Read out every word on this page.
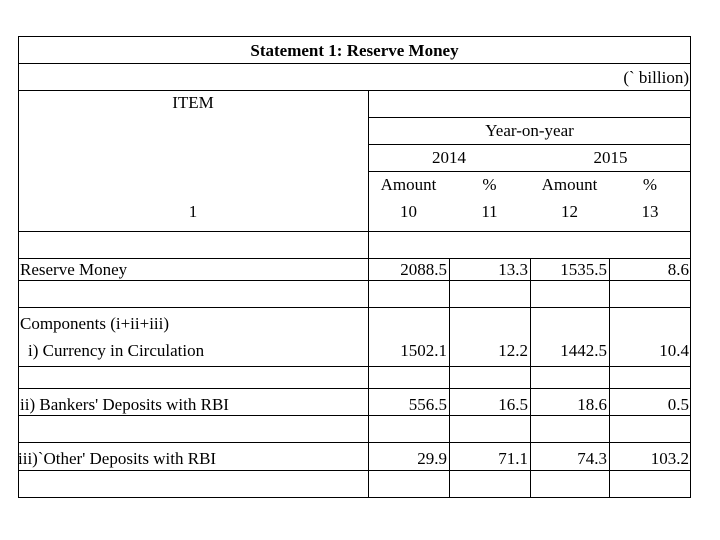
Statement 1: Reserve Money
(` billion)
ITEM
Year-on-year
2014	2015
Amount	%	Amount	%
1	10	11	12	13
Reserve Money	2088.5	13.3	1535.5	8.6
Components (i+ii+iii)
i) Currency in Circulation	1502.1	12.2	1442.5	10.4
ii) Bankers' Deposits with RBI	556.5	16.5	18.6	0.5
iii)`Other' Deposits with RBI	29.9	71.1	74.3	103.2
